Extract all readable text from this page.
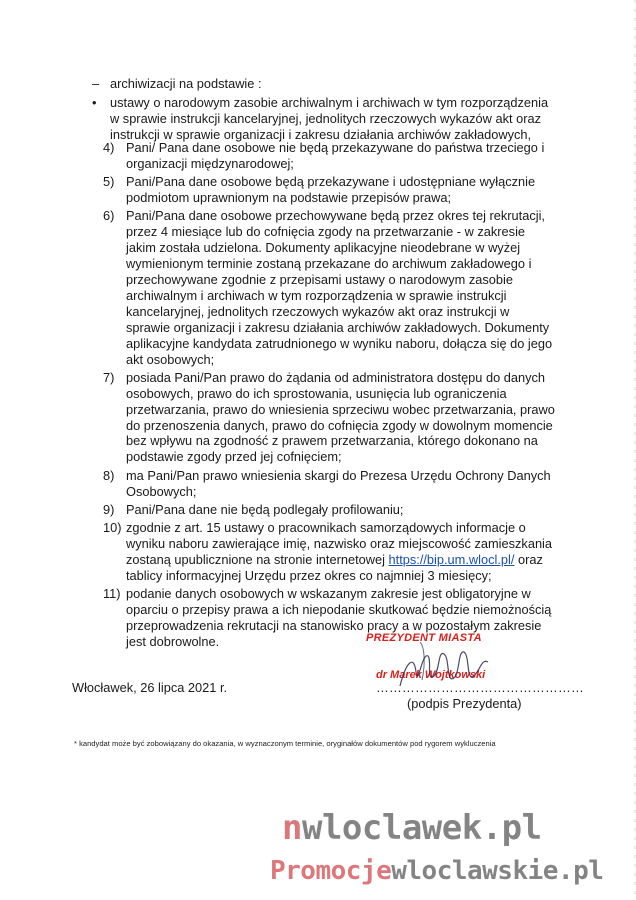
– archiwizacji na podstawie :
• ustawy o narodowym zasobie archiwalnym i archiwach w tym rozporządzenia
w sprawie instrukcji kancelaryjnej, jednolitych rzeczowych wykazów akt oraz
instrukcji w sprawie organizacji i zakresu działania archiwów zakładowych,
4) Pani/ Pana dane osobowe nie będą przekazywane do państwa trzeciego i organizacji międzynarodowej;
5) Pani/Pana dane osobowe będą przekazywane i udostępniane wyłącznie podmiotom uprawnionym na podstawie przepisów prawa;
6) Pani/Pana dane osobowe przechowywane będą przez okres tej rekrutacji, przez 4 miesiące lub do cofnięcia zgody na przetwarzanie - w zakresie jakim została udzielona. Dokumenty aplikacyjne nieodebrane w wyżej wymienionym terminie zostaną przekazane do archiwum zakładowego i przechowywane zgodnie z przepisami ustawy o narodowym zasobie archiwalnym i archiwach w tym rozporządzenia w sprawie instrukcji kancelaryjnej, jednolitych rzeczowych wykazów akt oraz instrukcji w sprawie organizacji i zakresu działania archiwów zakładowych. Dokumenty aplikacyjne kandydata zatrudnionego w wyniku naboru, dołącza się do jego akt osobowych;
7) posiada Pani/Pan prawo do żądania od administratora dostępu do danych osobowych, prawo do ich sprostowania, usunięcia lub ograniczenia przetwarzania, prawo do wniesienia sprzeciwu wobec przetwarzania, prawo do przenoszenia danych, prawo do cofnięcia zgody w dowolnym momencie bez wpływu na zgodność z prawem przetwarzania, którego dokonano na podstawie zgody przed jej cofnięciem;
8) ma Pani/Pan prawo wniesienia skargi do Prezesa Urzędu Ochrony Danych Osobowych;
9) Pani/Pana dane nie będą podlegały profilowaniu;
10) zgodnie z art. 15 ustawy o pracownikach samorządowych informacje o wyniku naboru zawierające imię, nazwisko oraz miejscowość zamieszkania zostaną upublicznione na stronie internetowej https://bip.um.wlocl.pl/ oraz tablicy informacyjnej Urzędu przez okres co najmniej 3 miesięcy;
11) podanie danych osobowych w wskazanym zakresie jest obligatoryjne w oparciu o przepisy prawa a ich niepodanie skutkować będzie niemożnością przeprowadzenia rekrutacji na stanowisko pracy a w pozostałym zakresie jest dobrowolne.	PREZYDENT MIASTA
dr Marek Wojtkowski
Włocławek, 26 lipca 2021 r.	…………………………………………
(podpis Prezydenta)
* kandydat może być zobowiązany do okazania, w wyznaczonym terminie, oryginałów dokumentów pod rygorem wykluczenia
nwloclawek.pl
Promocjewloclawskie.pl
